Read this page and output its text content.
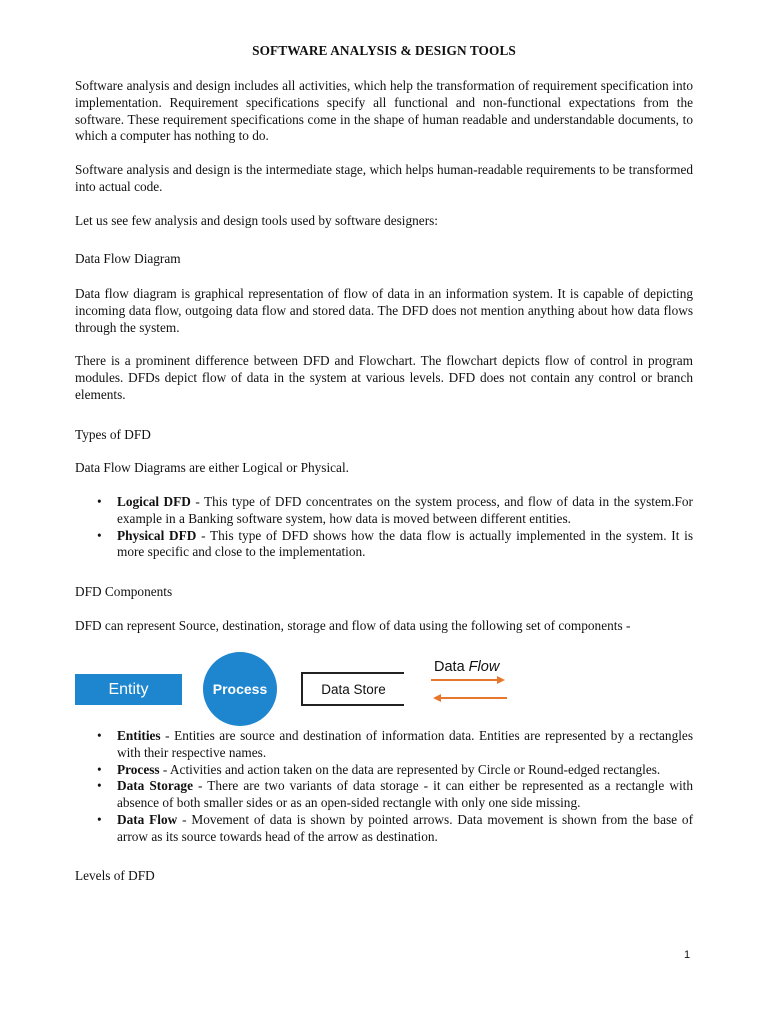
SOFTWARE ANALYSIS & DESIGN TOOLS
Software analysis and design includes all activities, which help the transformation of requirement specification into implementation. Requirement specifications specify all functional and non-functional expectations from the software. These requirement specifications come in the shape of human readable and understandable documents, to which a computer has nothing to do.
Software analysis and design is the intermediate stage, which helps human-readable requirements to be transformed into actual code.
Let us see few analysis and design tools used by software designers:
Data Flow Diagram
Data flow diagram is graphical representation of flow of data in an information system. It is capable of depicting incoming data flow, outgoing data flow and stored data. The DFD does not mention anything about how data flows through the system.
There is a prominent difference between DFD and Flowchart. The flowchart depicts flow of control in program modules. DFDs depict flow of data in the system at various levels. DFD does not contain any control or branch elements.
Types of DFD
Data Flow Diagrams are either Logical or Physical.
• Logical DFD - This type of DFD concentrates on the system process, and flow of data in the system.For example in a Banking software system, how data is moved between different entities.
• Physical DFD - This type of DFD shows how the data flow is actually implemented in the system. It is more specific and close to the implementation.
DFD Components
DFD can represent Source, destination, storage and flow of data using the following set of components -
Entity	Process	Data Store
Data Flow
• Entities - Entities are source and destination of information data. Entities are represented by a rectangles with their respective names.
• Process - Activities and action taken on the data are represented by Circle or Round-edged rectangles.
• Data Storage - There are two variants of data storage - it can either be represented as a rectangle with absence of both smaller sides or as an open-sided rectangle with only one side missing.
• Data Flow - Movement of data is shown by pointed arrows. Data movement is shown from the base of arrow as its source towards head of the arrow as destination.
Levels of DFD
1
